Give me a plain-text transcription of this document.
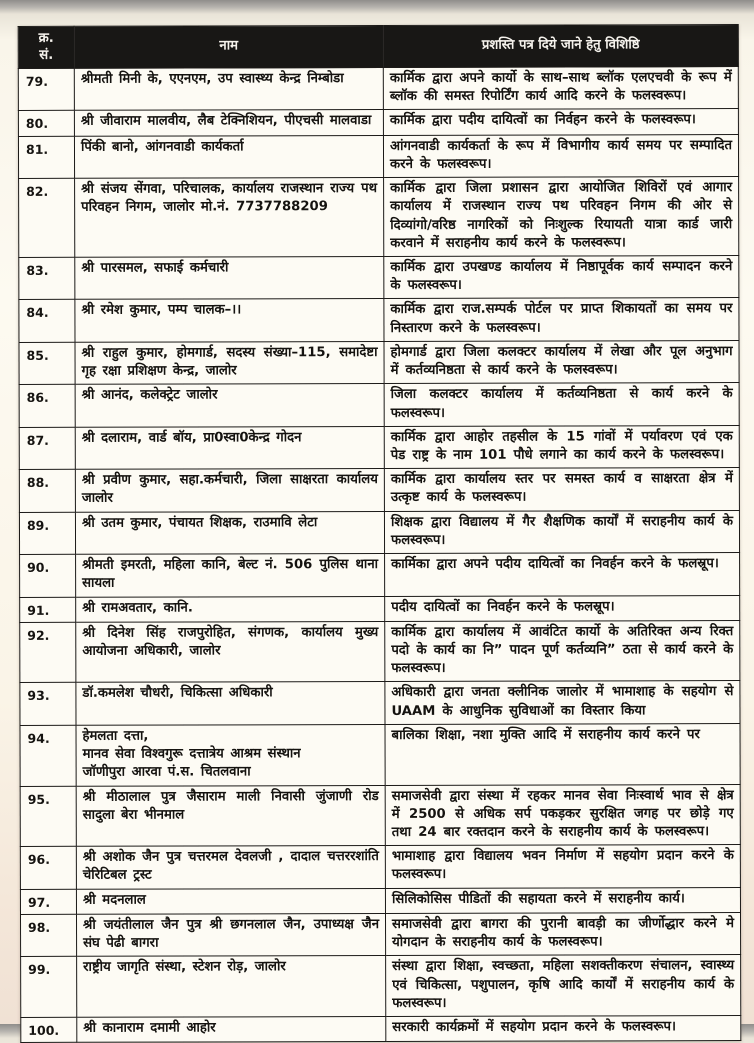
क्र.
सं.	नाम	प्रशस्ति पत्र दिये जाने हेतु विशिष्ठि
79.	श्रीमती मिनी के, एएनएम, उप स्वास्थ्य केन्द्र निम्बोडा	कार्मिक द्वारा अपने कार्यो के साथ–साथ ब्लॉक एलएचवी के रूप में ब्लॉक की समस्त रिपोर्टिंग कार्य आदि करने के फलस्वरूप।
80.	श्री जीवाराम मालवीय, लैब टेक्निशियन, पीएचसी मालवाडा	कार्मिक द्वारा पदीय दायित्वों का निर्वहन करने के फलस्वरूप।
81.	पिंकी बानो, आंगनवाडी कार्यकर्ता	आंगनवाडी कार्यकर्ता के रूप में विभागीय कार्य समय पर सम्पादित करने के फलस्वरूप।
82.	श्री संजय सेंगवा, परिचालक, कार्यालय राजस्थान राज्य पथ परिवहन निगम, जालोर मो.नं. 7737788209	कार्मिक द्वारा जिला प्रशासन द्वारा आयोजित शिविरों एवं आगार कार्यालय में राजस्थान राज्य पथ परिवहन निगम की ओर से दिव्यांगो/वरिष्ठ नागरिकों को निःशुल्क रियायती यात्रा कार्ड जारी करवाने में सराहनीय कार्य करने के फलस्वरूप।
83.	श्री पारसमल, सफाई कर्मचारी	कार्मिक द्वारा उपखण्ड कार्यालय में निष्ठापूर्वक कार्य सम्पादन करने के फलस्वरूप।
84.	श्री रमेश कुमार, पम्प चालक–।।	कार्मिक द्वारा राज.सम्पर्क पोर्टल पर प्राप्त शिकायतों का समय पर निस्तारण करने के फलस्वरूप।
85.	श्री राहुल कुमार, होमगार्ड, सदस्य संख्या–115, समादेष्टा गृह रक्षा प्रशिक्षण केन्द्र, जालोर	होमगार्ड द्वारा जिला कलक्टर कार्यालय में लेखा और पूल अनुभाग में कर्तव्यनिष्ठता से कार्य करने के फलस्वरूप।
86.	श्री आनंद, कलेक्ट्रेट जालोर	जिला कलक्टर कार्यालय में कर्तव्यनिष्ठता से कार्य करने के फलस्वरूप।
87.	श्री दलाराम, वार्ड बॉय, प्रा0स्वा0केन्द्र गोदन	कार्मिक द्वारा आहोर तहसील के 15 गांवों में पर्यावरण एवं एक पेड राष्ट्र के नाम 101 पौधे लगाने का कार्य करने के फलस्वरूप।
88.	श्री प्रवीण कुमार, सहा.कर्मचारी, जिला साक्षरता कार्यालय जालोर	कार्मिक द्वारा कार्यालय स्तर पर समस्त कार्य व साक्षरता क्षेत्र में उत्कृष्ट कार्य के फलस्वरूप।
89.	श्री उतम कुमार, पंचायत शिक्षक, राउमावि लेटा	शिक्षक द्वारा विद्यालय में गैर शैक्षणिक कार्यों में सराहनीय कार्य के फलस्वरूप।
90.	श्रीमती इमरती, महिला कानि, बेल्ट नं. 506 पुलिस थाना सायला	कार्मिका द्वारा अपने पदीय दायित्वों का निवर्हन करने के फलस्रूप।
91.	श्री रामअवतार, कानि.	पदीय दायित्वों का निवर्हन करने के फलस्रूप।
92.	श्री दिनेश सिंह राजपुरोहित, संगणक, कार्यालय मुख्य आयोजना अधिकारी, जालोर	कार्मिक द्वारा कार्यालय में आवंटित कार्यो के अतिरिक्त अन्य रिक्त पदो के कार्य का नि” पादन पूर्ण कर्तव्यनि” ठता से कार्य करने के फलस्वरूप।
93.	डॉ.कमलेश चौधरी, चिकित्सा अधिकारी	अधिकारी द्वारा जनता क्लीनिक जालोर में भामाशाह के सहयोग से UAAM के आधुनिक सुविधाओं का विस्तार किया
94.	हेमलता दत्ता,
मानव सेवा विश्वगुरू दत्तात्रेय आश्रम संस्थान
जॉणीपुरा आरवा पं.स. चितलवाना	बालिका शिक्षा, नशा मुक्ति आदि में सराहनीय कार्य करने पर
95.	श्री मीठालाल पुत्र जैसाराम माली निवासी जुंजाणी रोड सादुला बेरा भीनमाल	समाजसेवी द्वारा संस्था में रहकर मानव सेवा निःस्वार्थ भाव से क्षेत्र में 2500 से अधिक सर्प पकड़कर सुरक्षित जगह पर छोड़े गए तथा 24 बार रक्तदान करने के सराहनीय कार्य के फलस्वरूप।
96.	श्री अशोक जैन पुत्र चत्तरमल देवलजी , दादाल चत्तररशांति चेरिटिबल ट्रस्ट	भामाशाह द्वारा विद्यालय भवन निर्माण में सहयोग प्रदान करने के फलस्वरूप।
97.	श्री मदनलाल	सिलिकोसिस पीडितों की सहायता करने में सराहनीय कार्य।
98.	श्री जयंतीलाल जैन पुत्र श्री छगनलाल जैन, उपाध्यक्ष जैन संघ पेढी बागरा	समाजसेवी द्वारा बागरा की पुरानी बावड़ी का जीर्णोद्धार करने मे योगदान के सराहनीय कार्य के फलस्वरूप।
99.	राष्ट्रीय जागृति संस्था, स्टेशन रोड़, जालोर	संस्था द्वारा शिक्षा, स्वच्छता, महिला सशक्तीकरण संचालन, स्वास्थ्य एवं चिकित्सा, पशुपालन, कृषि आदि कार्यों में सराहनीय कार्य के फलस्वरूप।
100.	श्री कानाराम दमामी आहोर	सरकारी कार्यक्रमों में सहयोग प्रदान करने के फलस्वरूप।
